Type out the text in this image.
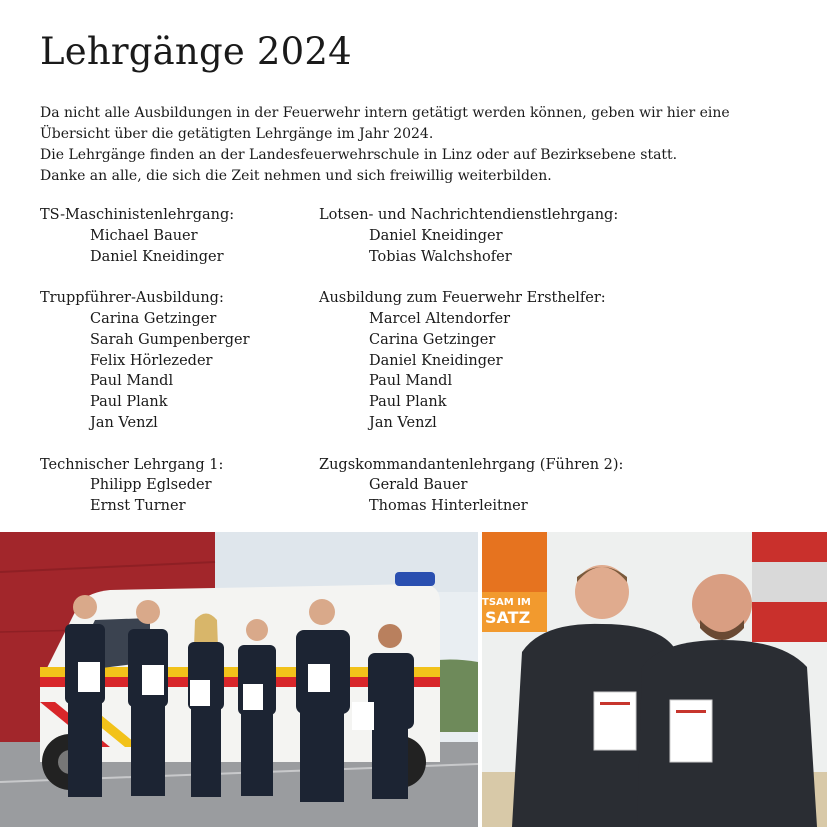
Lehrgänge 2024
Da nicht alle Ausbildungen in der Feuerwehr intern getätigt werden können, geben wir hier eine
Übersicht über die getätigten Lehrgänge im Jahr 2024.
Die Lehrgänge finden an der Landesfeuerwehrschule in Linz oder auf Bezirksebene statt.
Danke an alle, die sich die Zeit nehmen und sich freiwillig weiterbilden.
TS-Maschinistenlehrgang:
Michael Bauer
Daniel Kneidinger
Truppführer-Ausbildung:
Carina Getzinger
Sarah Gumpenberger
Felix Hörlezeder
Paul Mandl
Paul Plank
Jan Venzl
Technischer Lehrgang 1:
Philipp Eglseder
Ernst Turner
Lotsen- und Nachrichtendienstlehrgang:
Daniel Kneidinger
Tobias Walchshofer
Ausbildung zum Feuerwehr Ersthelfer:
Marcel Altendorfer
Carina Getzinger
Daniel Kneidinger
Paul Mandl
Paul Plank
Jan Venzl
Zugskommandantenlehrgang (Führen 2):
Gerald Bauer
Thomas Hinterleitner
TSAM IM
SATZ
